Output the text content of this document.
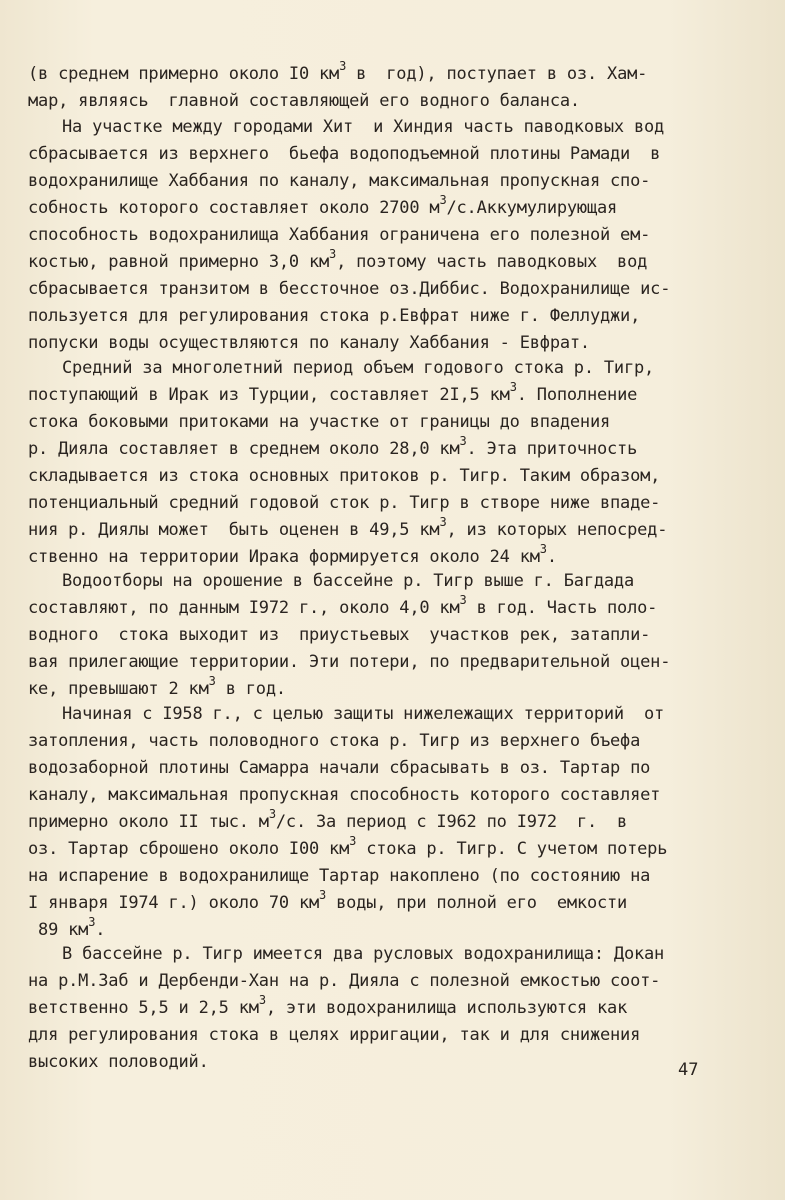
(в среднем примерно около I0 $км^3$ в  год), поступает в оз. Хам-
мар, являясь  главной составляющей его водного баланса.
На участке между городами Хит  и Хиндия часть паводковых вод
сбрасывается из верхнего  бьефа водоподъемной плотины Рамади  в
водохранилище Хаббания по каналу, максимальная пропускная спо-
собность которого составляет около 2700 $м^3/с.Аккумулирующая$
способность водохранилища Хаббания ограничена его полезной ем-
костью, равной примерно 3,0 $км^3$, поэтому часть паводковых  вод
сбрасывается транзитом в бессточное оз.Диббис. Водохранилище ис-
пользуется для регулирования стока р.Евфрат ниже г. Феллуджи,
попуски воды осуществляются по каналу Хаббания - Евфрат.
Средний за многолетний период объем годового стока р. Тигр,
поступающий в Ирак из Турции, составляет 2I,5 $км^3$. Пополнение
стока боковыми притоками на участке от границы до впадения
р. Дияла составляет в среднем около 28,0 $км^3$. Эта приточность
складывается из стока основных притоков р. Тигр. Таким образом,
потенциальный средний годовой сток р. Тигр в створе ниже впаде-
ния р. Диялы может  быть оценен в 49,5 $км^3$, из которых непосред-
ственно на территории Ирака формируется около 24 $км^3$.
Водоотборы на орошение в бассейне р. Тигр выше г. Багдада
составляют, по данным I972 г., около 4,0 $км^3$ в год. Часть поло-
водного  стока выходит из  приустьевых  участков рек, затапли-
вая прилегающие территории. Эти потери, по предварительной оцен-
ке, превышают 2 $км^3$ в год.
Начиная с I958 г., с целью защиты нижележащих территорий  от
затопления, часть половодного стока р. Тигр из верхнего бъефа
водозаборной плотины Самарра начали сбрасывать в оз. Тартар по
каналу, максимальная пропускная способность которого составляет
примерно около II тыс. $м^3/с$. За период с I962 по I972  г.  в
оз. Тартар сброшено около I00 $км^3$ стока р. Тигр. С учетом потерь
на испарение в водохранилище Тартар накоплено (по состоянию на
I января I974 г.) около 70 $км^3$ воды, при полной его  емкости
89 $км^3$.
В бассейне р. Тигр имеется два русловых водохранилища: Докан
на р.М.Заб и Дербенди-Хан на р. Дияла с полезной емкостью соот-
ветственно 5,5 и 2,5 $км^3$, эти водохранилища используются как
для регулирования стока в целях ирригации, так и для снижения
высоких половодий.	47
